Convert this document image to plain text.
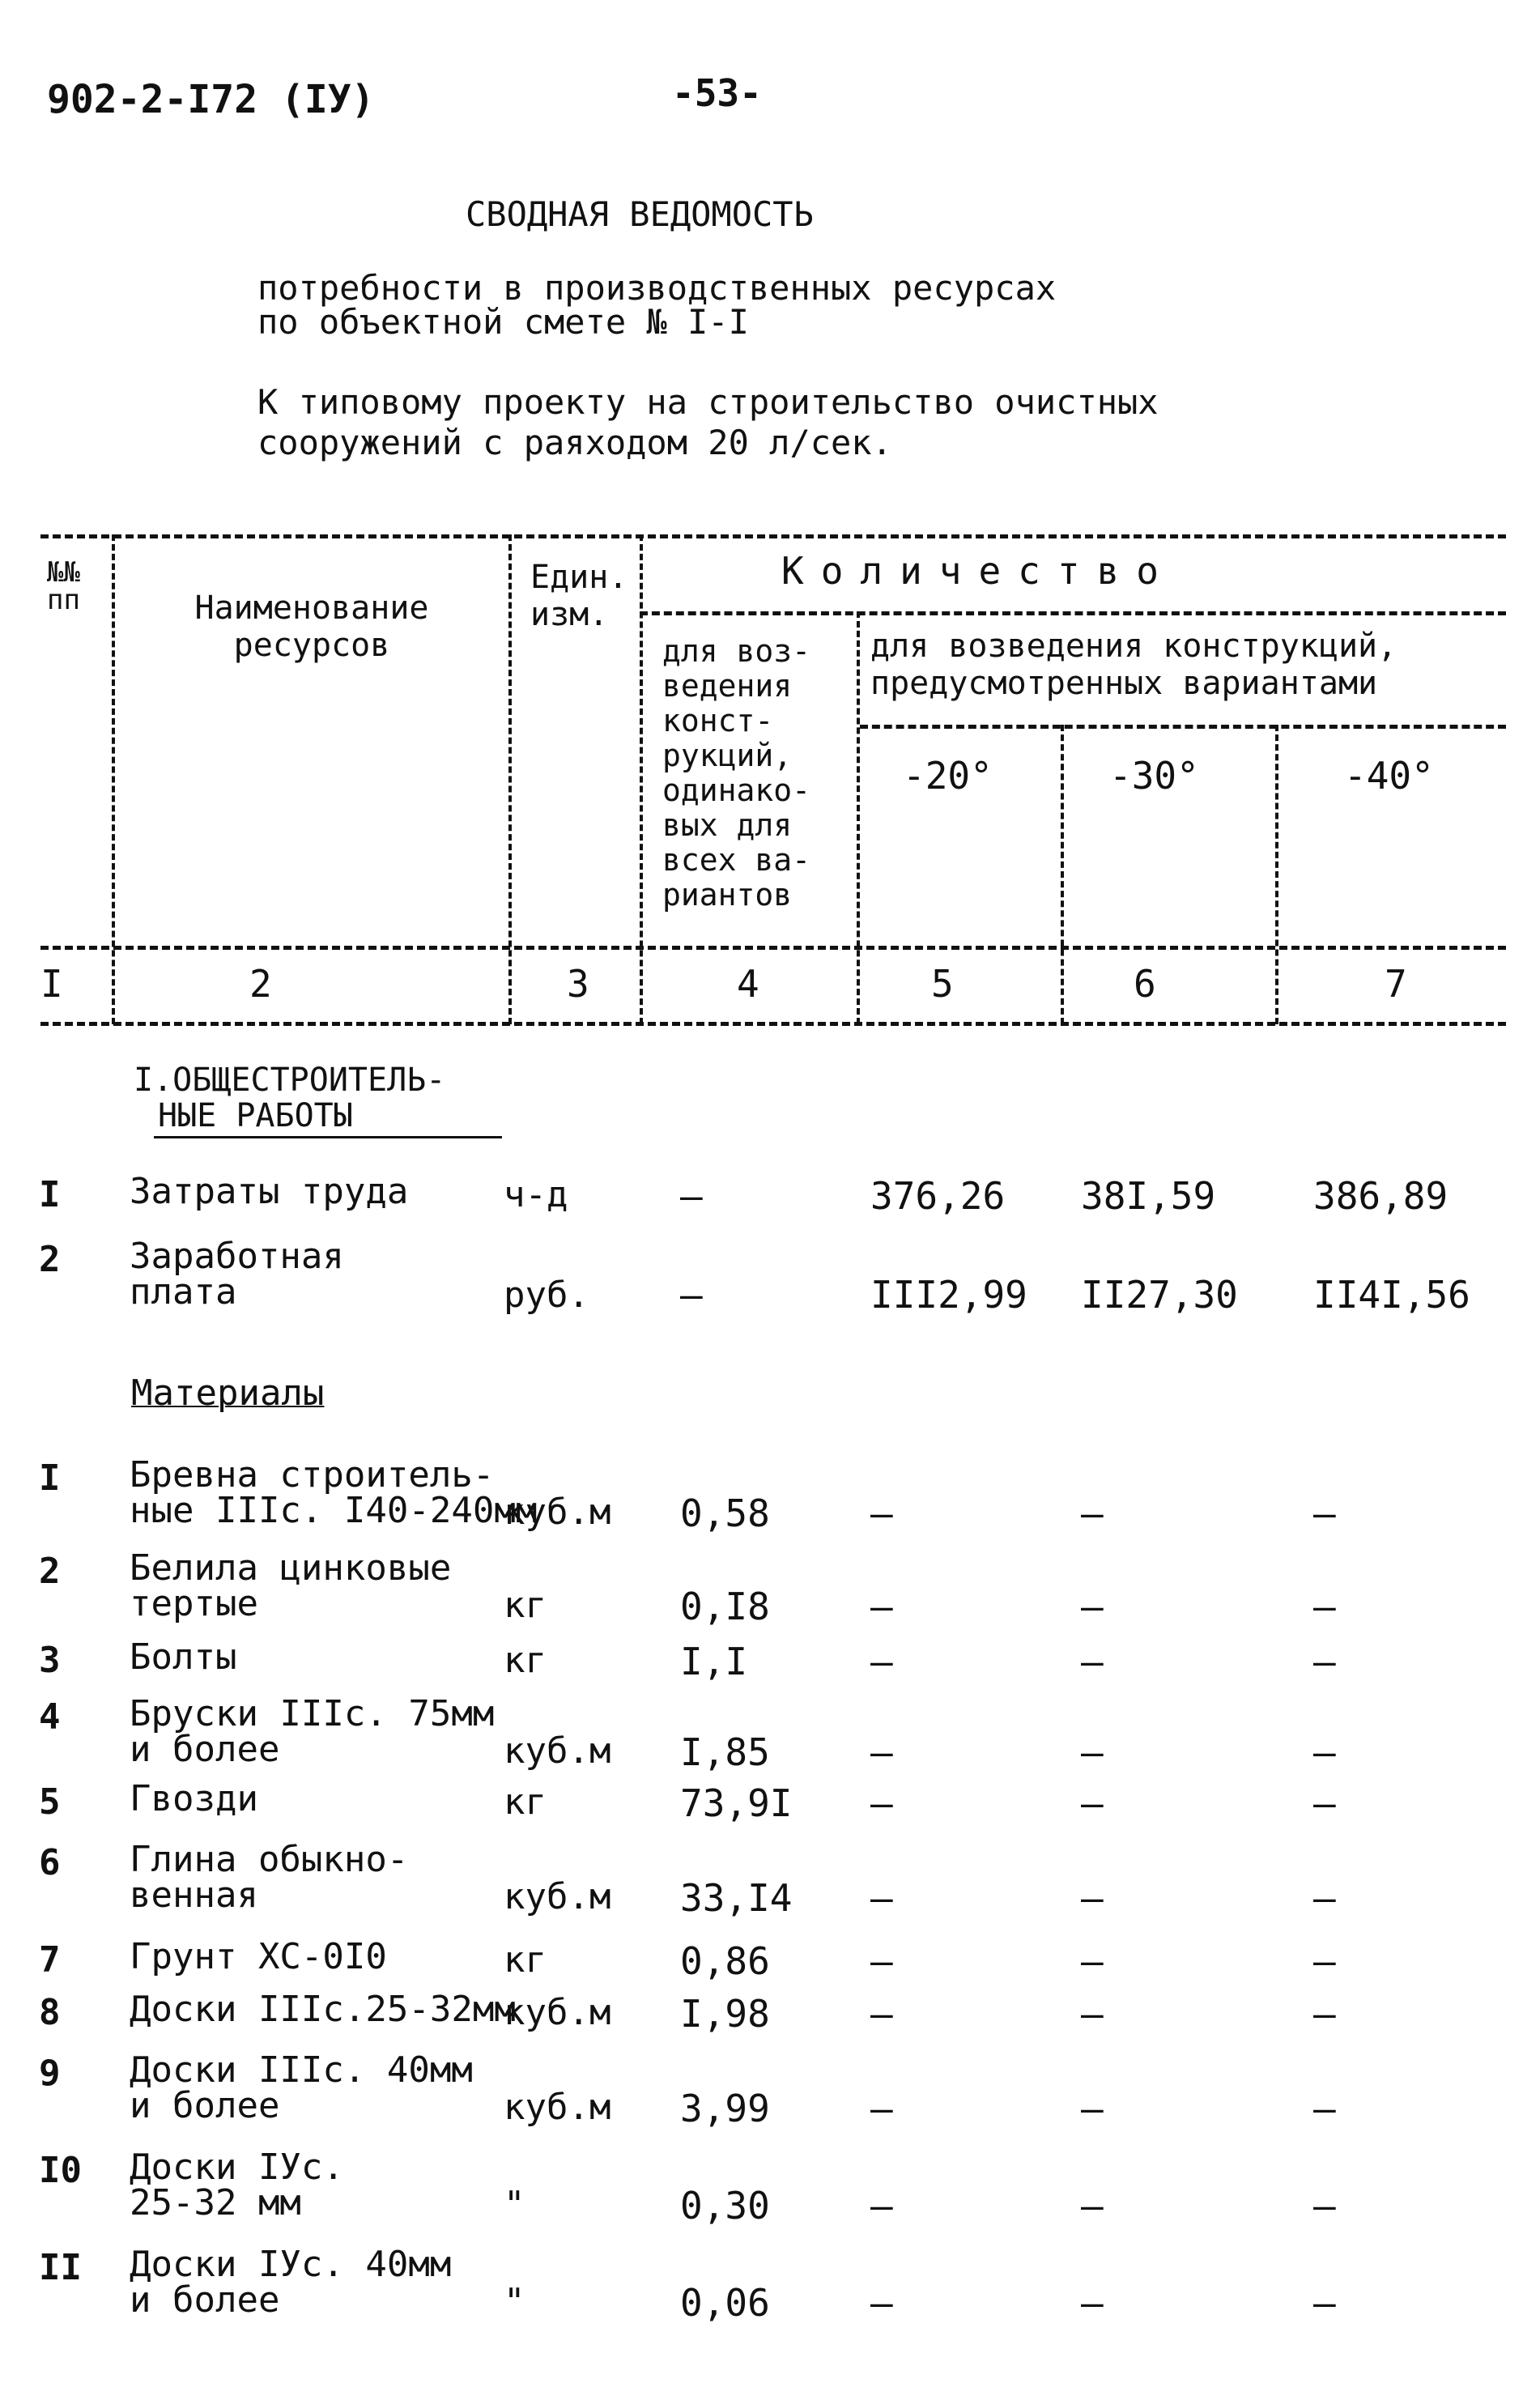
902-2-I72 (IУ)	-53-
СВОДНАЯ ВЕДОМОСТЬ
потребности в производственных ресурсах
по объектной смете № I-I
К типовому проекту на строительство очистных
сооружений с раяходом 20 л/сек.
№№
пп	Наименование
ресурсов
Един.
изм.
Количество
для воз-
ведения
конст-
рукций,
одинако-
вых для
всех ва-
риантов
для возведения конструкций,
предусмотренных вариантами
-20°	-30°	-40°
I	2	3	4	5	6	7
I.ОБЩЕСТРОИТЕЛЬ-
НЫЕ РАБОТЫ
I Затраты труда	ч-д	–	376,26 38I,59	386,89
2 Заработная
плата	руб. –	III2,99 II27,30 II4I,56
Материалы
I Бревна строитель-
ные IIIс. I40-240мм
куб.м 0,58	–	–	–
2 Белила цинковые
тертые	кг	0,I8	–	–	–
3 Болты	кг	I,I	–	–	–
4 Бруски IIIс. 75мм
и более	куб.м I,85	–	–	–
5 Гвозди	кг	73,9I –	–	–
6 Глина обыкно-
венная	куб.м 33,I4 –	–	–
7 Грунт ХС-0I0	кг	0,86	–	–	–
8 Доски IIIс.25-32мм
куб.м I,98	–	–	–
9 Доски IIIс. 40мм
и более	куб.м 3,99	–	–	–
I0 Доски IУс.
25-32 мм	"	0,30	–	–	–
II Доски IУс. 40мм
и более	"	0,06	–	–	–
